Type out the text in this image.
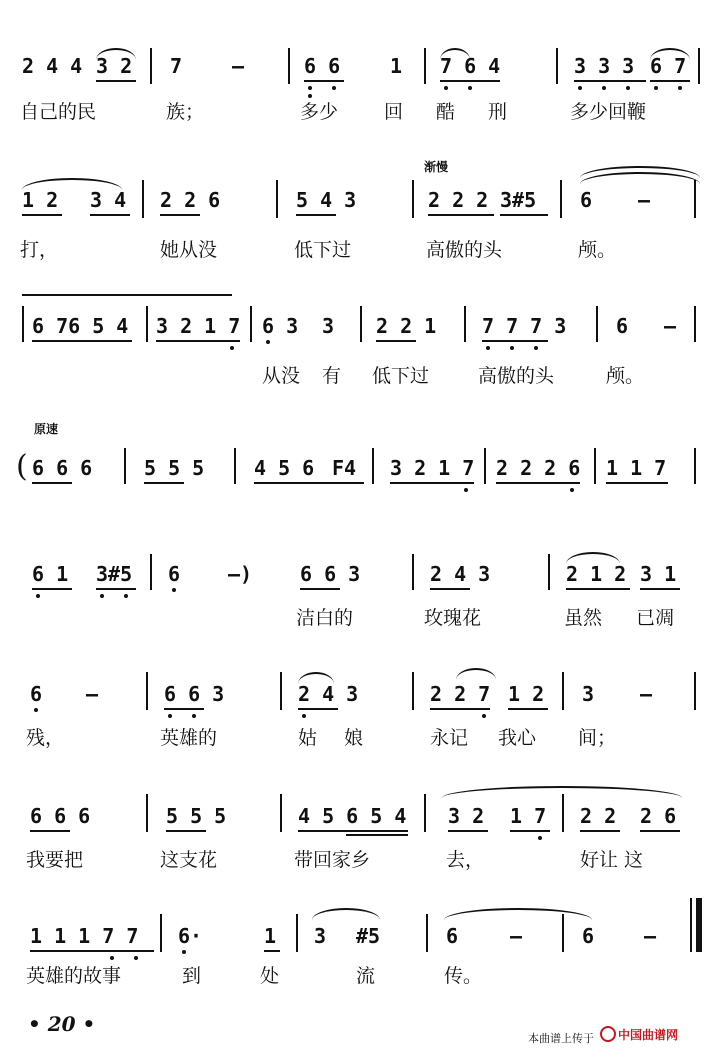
2 4 4 3 2 7 –	6 6 1 7 6 4	3 3 3 6 7
自己的民	族；	多少 回 酷 刑	多少回鞭
渐慢
1 2 3 4 2 2 6	5 4 3	2 2 2 3#5 6 –
打，	她从没	低下过	高傲的头	颅。
6 76 5 4 3 2 1 7 6 3 3 2 2 1 7 7 7 3 6 –
从没 有 低下过	高傲的头	颅。
原速
( 6 6 6	5 5 5 4 5 6 F4 3 2 1 7 2 2 2 6 1 1 7
6 1 3#5 6 –) 6 6 3	2 4 3	2 1 2 3 1
洁白的	玫瑰花	虽然 已凋
6 –	6 6 3	2 4 3	2 2 7 1 2 3 –
残，	英雄的	姑 娘	永记 我心 间；
6 6 6	5 5 5	4 5 6 5 4 3 2 1 7 2 2 2 6
我要把	这支花	带回家乡	去，	好让 这
1 1 1 7 7 6·	1 3 #5	6	–	6 –
英雄的故事	到	处	流	传。
• 20 •
本曲谱上传于	中国曲谱网
